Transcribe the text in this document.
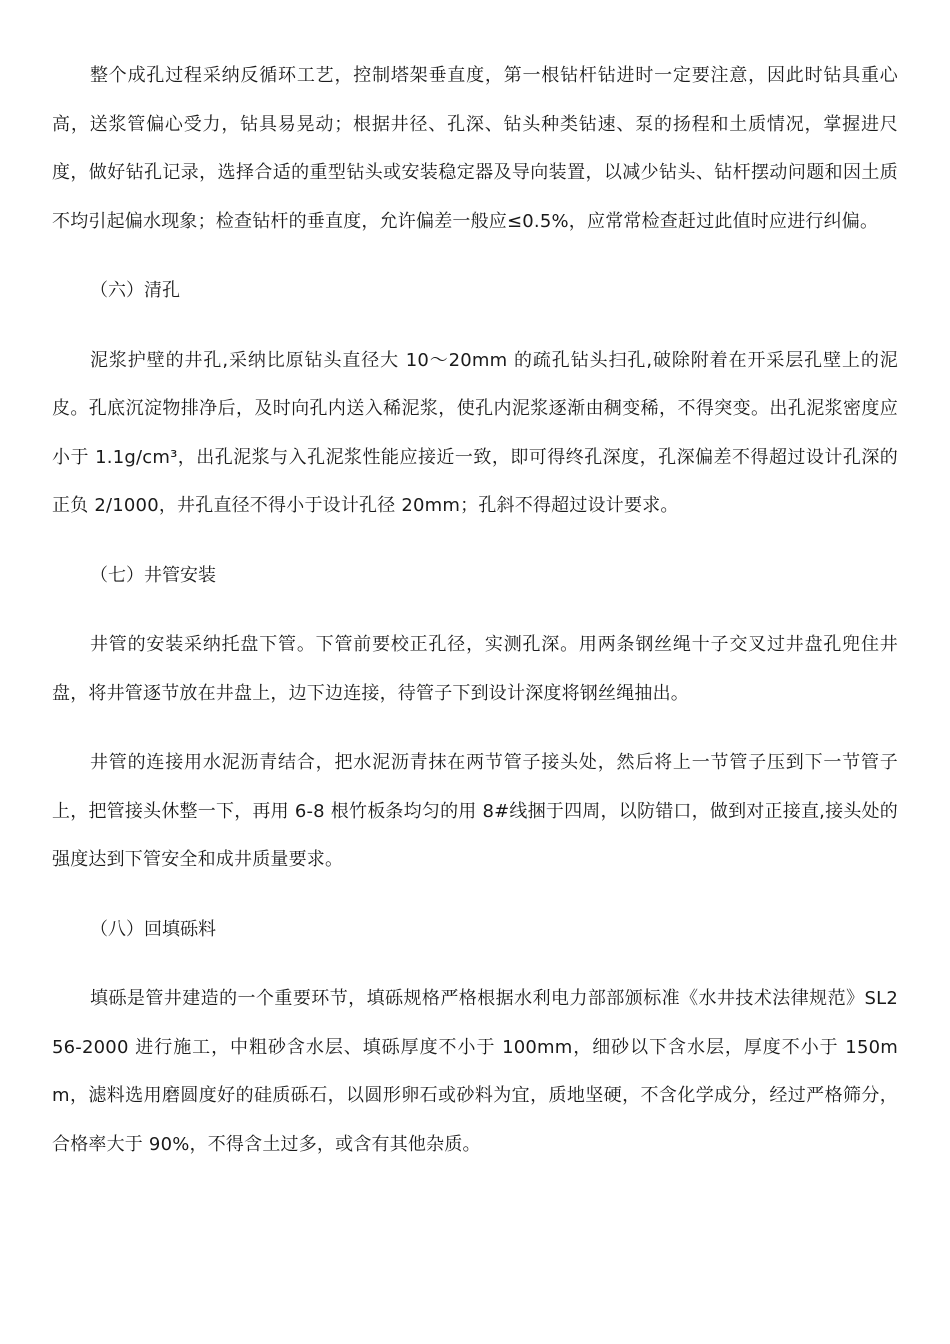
整个成孔过程采纳反循环工艺，控制塔架垂直度，第一根钻杆钻进时一定要注意，因此时钻具重心高，送浆管偏心受力，钻具易晃动；根据井径、孔深、钻头种类钻速、泵的扬程和土质情况，掌握进尺度，做好钻孔记录，选择合适的重型钻头或安装稳定器及导向装置，以减少钻头、钻杆摆动问题和因土质不均引起偏水现象；检查钻杆的垂直度，允许偏差一般应≤0.5%，应常常检查赶过此值时应进行纠偏。

（六）清孔

泥浆护壁的井孔,采纳比原钻头直径大 10～20mm 的疏孔钻头扫孔,破除附着在开采层孔壁上的泥皮。孔底沉淀物排净后，及时向孔内送入稀泥浆，使孔内泥浆逐渐由稠变稀，不得突变。出孔泥浆密度应小于 1.1g/cm³，出孔泥浆与入孔泥浆性能应接近一致，即可得终孔深度，孔深偏差不得超过设计孔深的正负 2/1000，井孔直径不得小于设计孔径 20mm；孔斜不得超过设计要求。

（七）井管安装

井管的安装采纳托盘下管。下管前要校正孔径，实测孔深。用两条钢丝绳十子交叉过井盘孔兜住井盘，将井管逐节放在井盘上，边下边连接，待管子下到设计深度将钢丝绳抽出。

井管的连接用水泥沥青结合，把水泥沥青抹在两节管子接头处，然后将上一节管子压到下一节管子上，把管接头休整一下，再用 6-8 根竹板条均匀的用 8#线捆于四周，以防错口，做到对正接直,接头处的强度达到下管安全和成井质量要求。

（八）回填砾料

填砾是管井建造的一个重要环节，填砾规格严格根据水利电力部部颁标准《水井技术法律规范》SL256-2000 进行施工，中粗砂含水层、填砾厚度不小于 100mm，细砂以下含水层，厚度不小于 150mm，滤料选用磨圆度好的硅质砾石，以圆形卵石或砂料为宜，质地坚硬，不含化学成分，经过严格筛分，合格率大于 90%，不得含土过多，或含有其他杂质。
